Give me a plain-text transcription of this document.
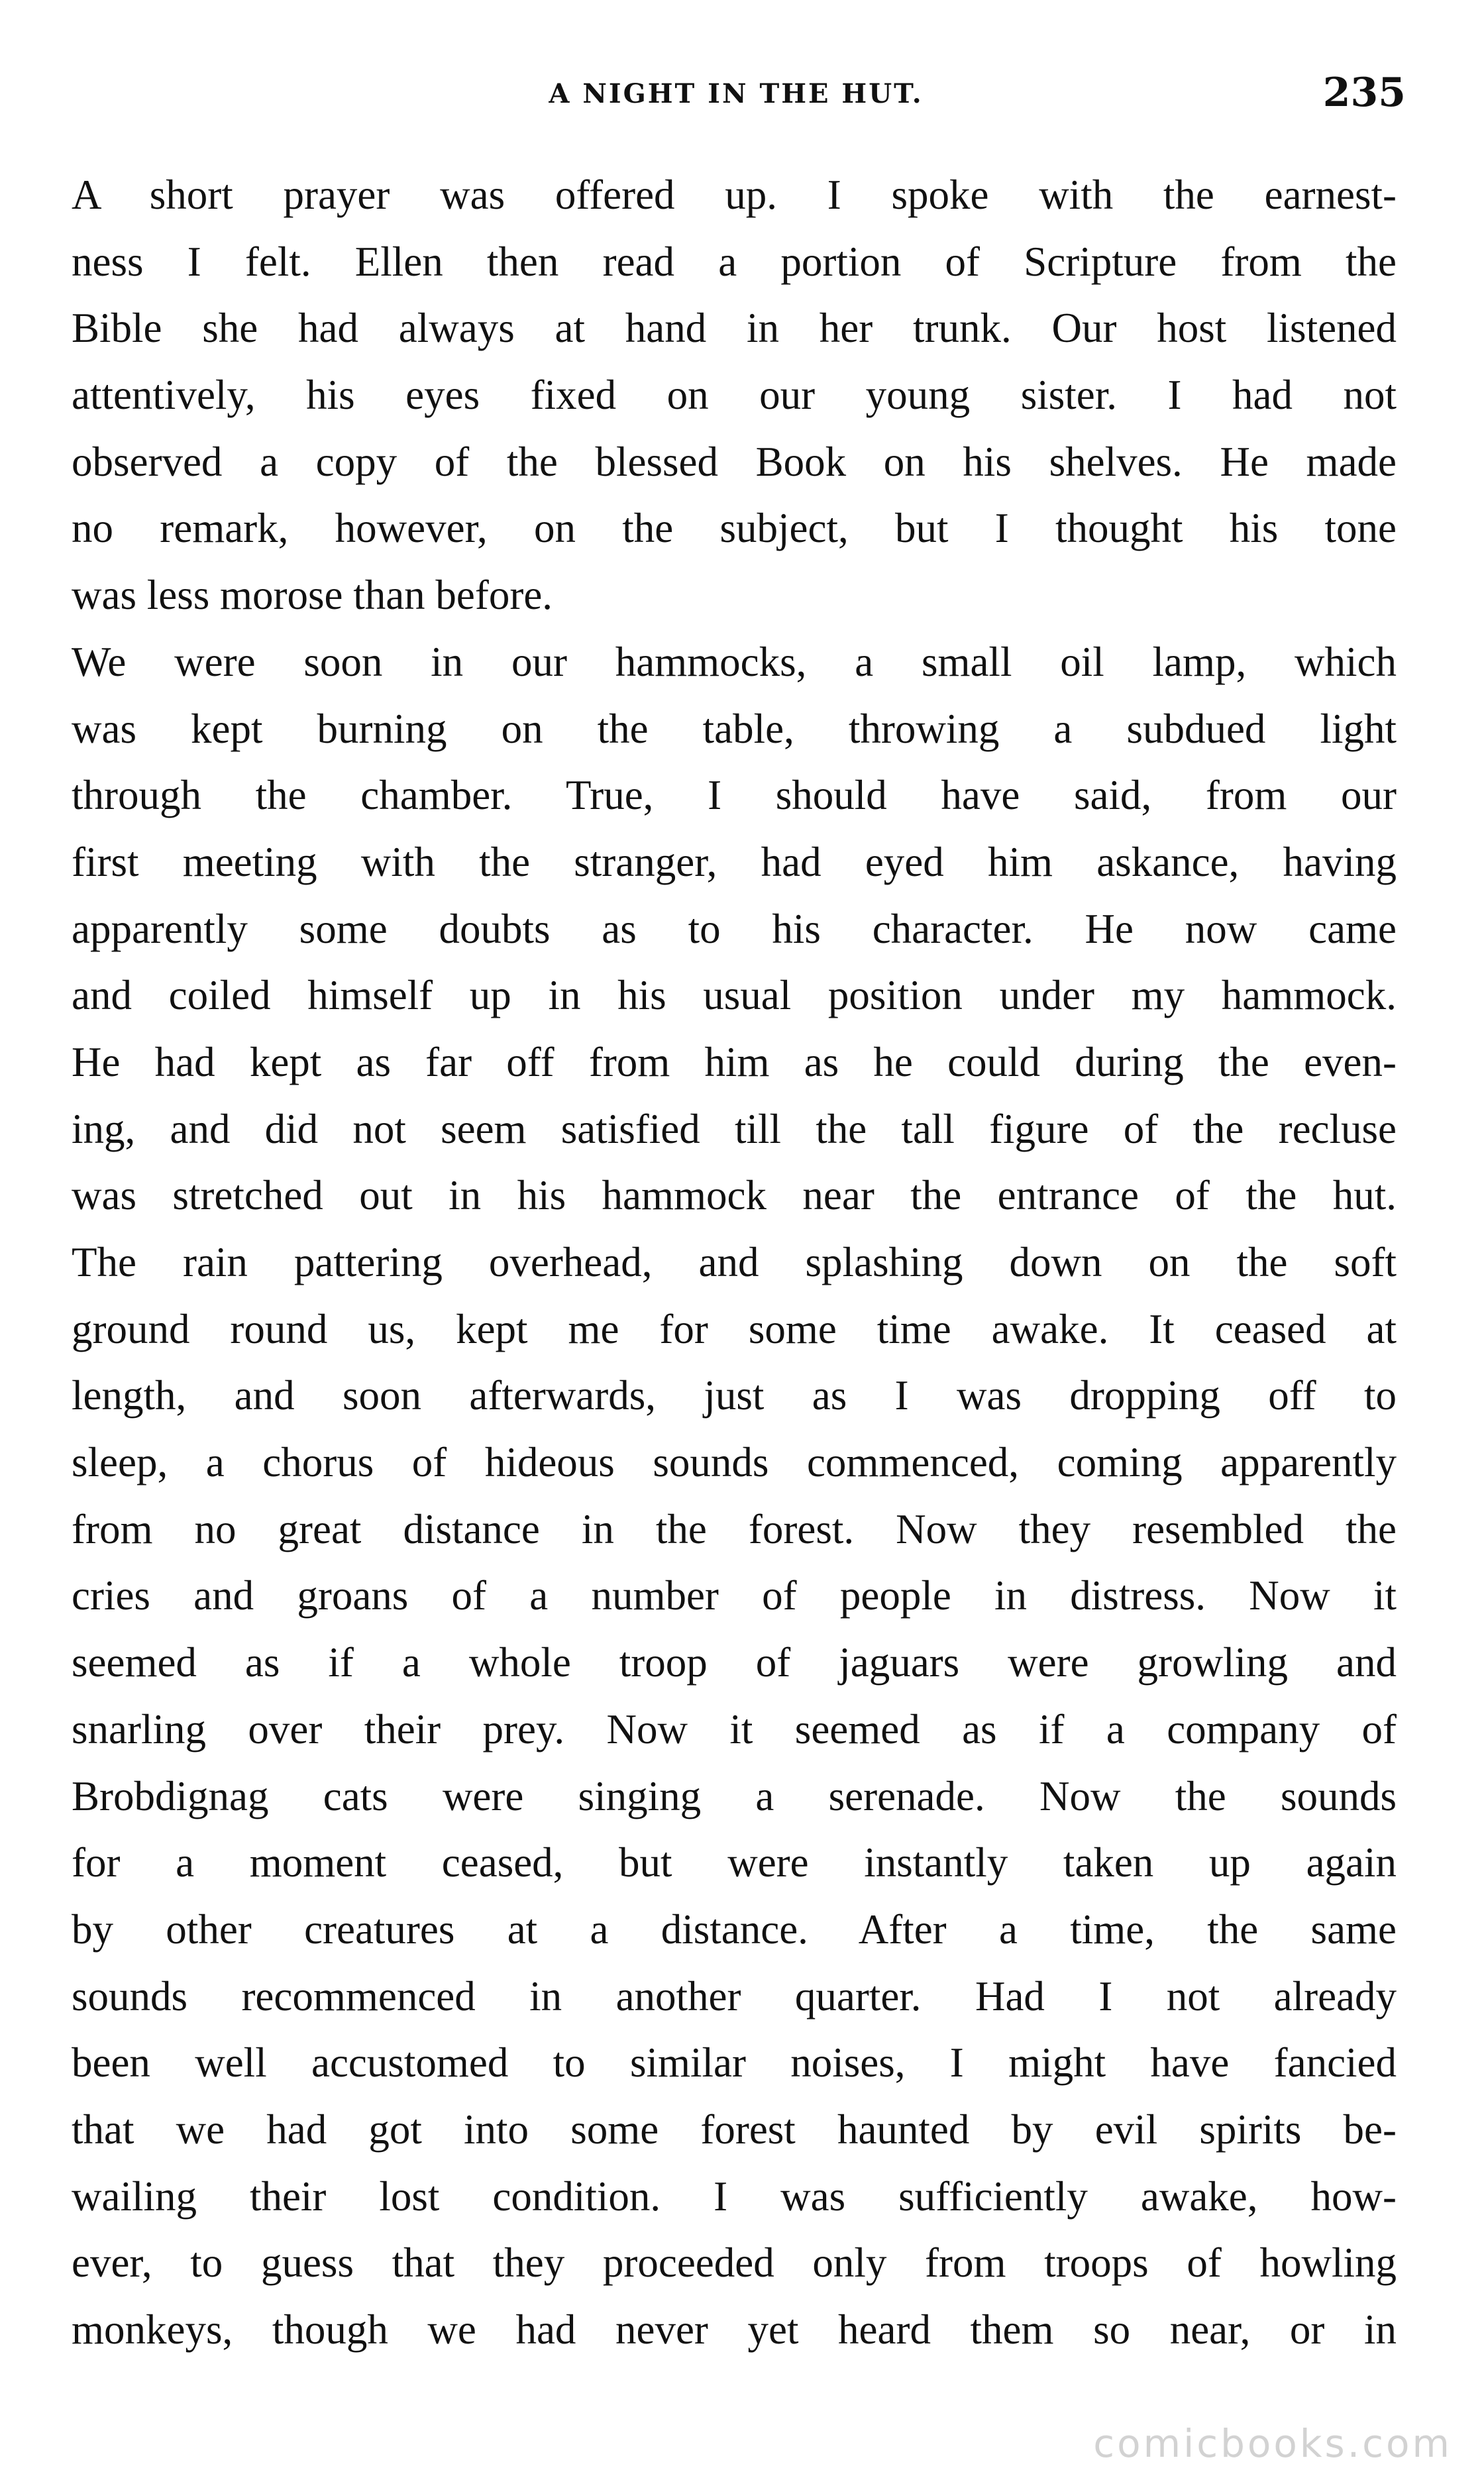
A NIGHT IN THE HUT.	235
A short prayer was offered up. I spoke with the earnest-
ness I felt. Ellen then read a portion of Scripture from the
Bible she had always at hand in her trunk. Our host listened
attentively, his eyes fixed on our young sister. I had not
observed a copy of the blessed Book on his shelves. He made
no remark, however, on the subject, but I thought his tone
was less morose than before.
We were soon in our hammocks, a small oil lamp, which
was kept burning on the table, throwing a subdued light
through the chamber. True, I should have said, from our
first meeting with the stranger, had eyed him askance, having
apparently some doubts as to his character. He now came
and coiled himself up in his usual position under my hammock.
He had kept as far off from him as he could during the even-
ing, and did not seem satisfied till the tall figure of the recluse
was stretched out in his hammock near the entrance of the hut.
The rain pattering overhead, and splashing down on the soft
ground round us, kept me for some time awake. It ceased at
length, and soon afterwards, just as I was dropping off to
sleep, a chorus of hideous sounds commenced, coming apparently
from no great distance in the forest. Now they resembled the
cries and groans of a number of people in distress. Now it
seemed as if a whole troop of jaguars were growling and
snarling over their prey. Now it seemed as if a company of
Brobdignag cats were singing a serenade. Now the sounds
for a moment ceased, but were instantly taken up again
by other creatures at a distance. After a time, the same
sounds recommenced in another quarter. Had I not already
been well accustomed to similar noises, I might have fancied
that we had got into some forest haunted by evil spirits be-
wailing their lost condition. I was sufficiently awake, how-
ever, to guess that they proceeded only from troops of howling
monkeys, though we had never yet heard them so near, or in
comicbooks.com
